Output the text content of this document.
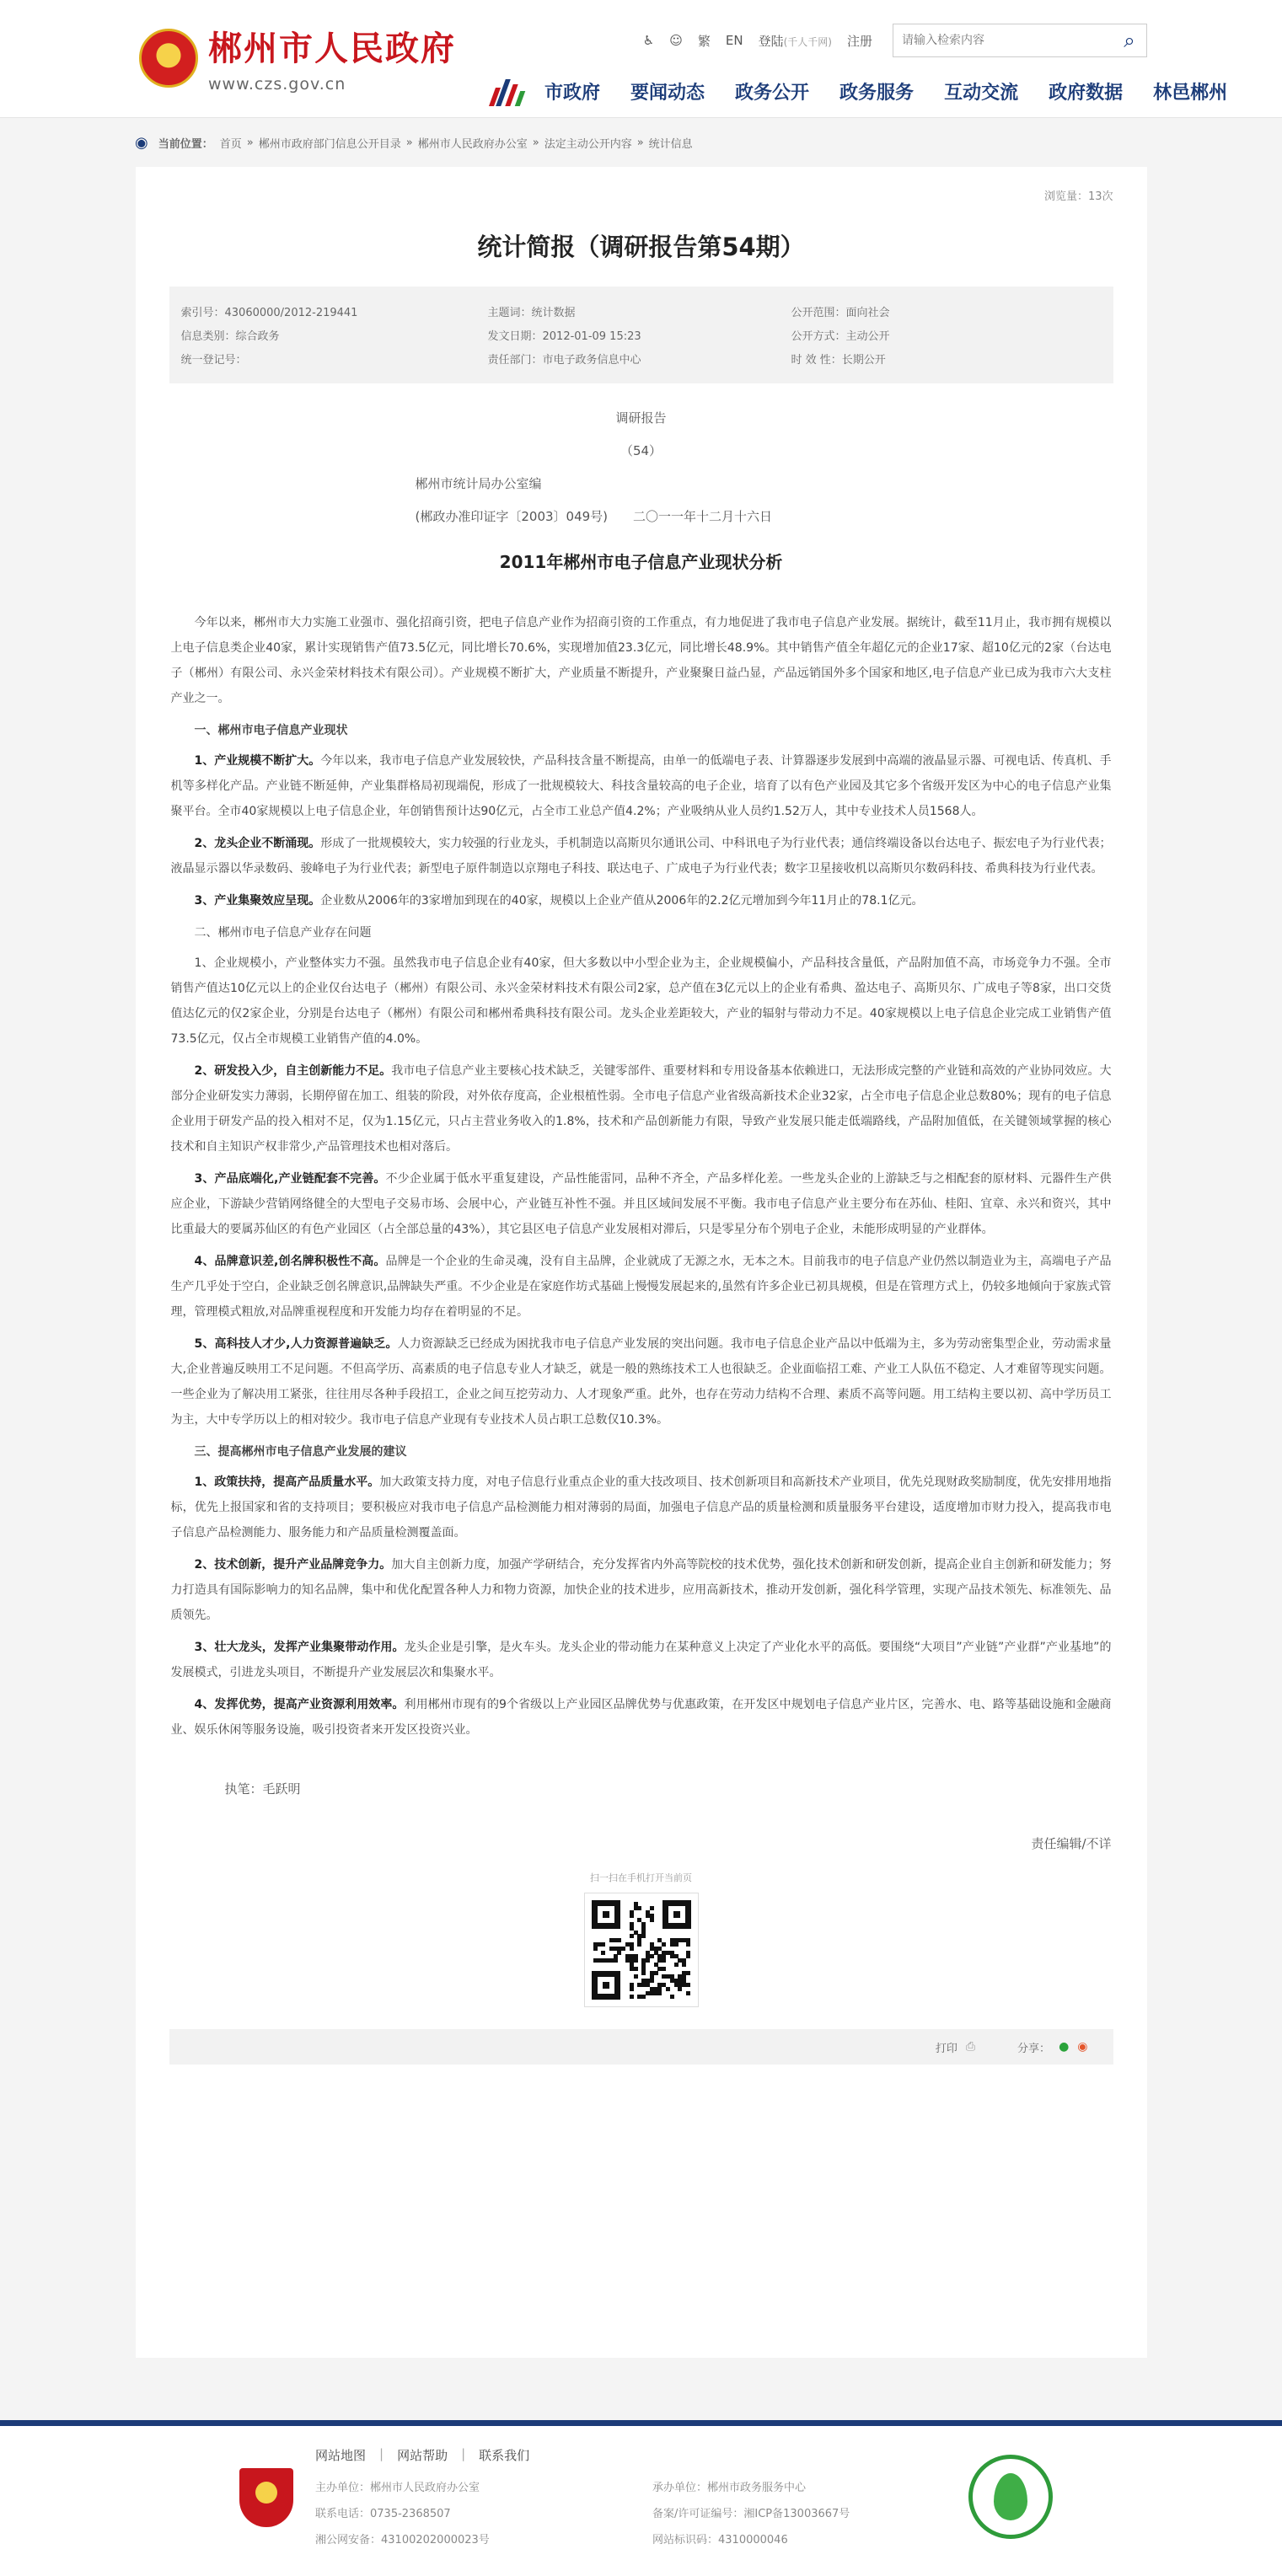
郴州市人民政府
www.czs.gov.cn
♿ ☺ 繁 EN 登陆(千人千网) 注册
请输入检索内容	⌕
市政府 要闻动态 政务公开 政务服务 互动交流 政府数据 林邑郴州
◉ 当前位置： 首页 » 郴州市政府部门信息公开目录 » 郴州市人民政府办公室 » 法定主动公开内容 » 统计信息
浏览量：13次
统计简报（调研报告第54期）
索引号：43060000/2012-219441	主题词：统计数据	公开范围：面向社会
信息类别：综合政务	发文日期：2012-01-09 15:23	公开方式：主动公开
统一登记号：	责任部门：市电子政务信息中心	时 效 性：长期公开
调研报告
（54）
郴州市统计局办公室编
(郴政办准印证字〔2003〕049号)　　二〇一一年十二月十六日
2011年郴州市电子信息产业现状分析

今年以来，郴州市大力实施工业强市、强化招商引资，把电子信息产业作为招商引资的工作重点，有力地促进了我市电子信息产业发展。据统计，截至11月止，我市拥有规模以上电子信息类企业40家，累计实现销售产值73.5亿元，同比增长70.6%，实现增加值23.3亿元，同比增长48.9%。其中销售产值全年超亿元的企业17家、超10亿元的2家（台达电子（郴州）有限公司、永兴金荣材料技术有限公司）。产业规模不断扩大，产业质量不断提升，产业聚聚日益凸显，产品远销国外多个国家和地区,电子信息产业已成为我市六大支柱产业之一。

一、郴州市电子信息产业现状

1、产业规模不断扩大。今年以来，我市电子信息产业发展较快，产品科技含量不断提高，由单一的低端电子表、计算器逐步发展到中高端的液晶显示器、可视电话、传真机、手机等多样化产品。产业链不断延伸，产业集群格局初现端倪，形成了一批规模较大、科技含量较高的电子企业，培育了以有色产业园及其它多个省级开发区为中心的电子信息产业集聚平台。全市40家规模以上电子信息企业，年创销售预计达90亿元，占全市工业总产值4.2%；产业吸纳从业人员约1.52万人，其中专业技术人员1568人。

2、龙头企业不断涌现。形成了一批规模较大，实力较强的行业龙头，手机制造以高斯贝尔通讯公司、中科讯电子为行业代表；通信终端设备以台达电子、振宏电子为行业代表；液晶显示器以华录数码、骏峰电子为行业代表；新型电子原件制造以京翔电子科技、联达电子、广成电子为行业代表；数字卫星接收机以高斯贝尔数码科技、希典科技为行业代表。

3、产业集聚效应呈现。企业数从2006年的3家增加到现在的40家，规模以上企业产值从2006年的2.2亿元增加到今年11月止的78.1亿元。

二、郴州市电子信息产业存在问题

1、企业规模小，产业整体实力不强。虽然我市电子信息企业有40家，但大多数以中小型企业为主，企业规模偏小，产品科技含量低，产品附加值不高，市场竞争力不强。全市销售产值达10亿元以上的企业仅台达电子（郴州）有限公司、永兴金荣材料技术有限公司2家，总产值在3亿元以上的企业有希典、盈达电子、高斯贝尔、广成电子等8家，出口交货值达亿元的仅2家企业，分别是台达电子（郴州）有限公司和郴州希典科技有限公司。龙头企业差距较大，产业的辐射与带动力不足。40家规模以上电子信息企业完成工业销售产值73.5亿元，仅占全市规模工业销售产值的4.0%。

2、研发投入少，自主创新能力不足。我市电子信息产业主要核心技术缺乏，关键零部件、重要材料和专用设备基本依赖进口，无法形成完整的产业链和高效的产业协同效应。大部分企业研发实力薄弱，长期停留在加工、组装的阶段，对外依存度高，企业根植性弱。全市电子信息产业省级高新技术企业32家，占全市电子信息企业总数80%；现有的电子信息企业用于研发产品的投入相对不足，仅为1.15亿元，只占主营业务收入的1.8%，技术和产品创新能力有限，导致产业发展只能走低端路线，产品附加值低，在关键领域掌握的核心技术和自主知识产权非常少,产品管理技术也相对落后。

3、产品底端化,产业链配套不完善。不少企业属于低水平重复建设，产品性能雷同，品种不齐全，产品多样化差。一些龙头企业的上游缺乏与之相配套的原材料、元器件生产供应企业，下游缺少营销网络健全的大型电子交易市场、会展中心，产业链互补性不强。并且区域间发展不平衡。我市电子信息产业主要分布在苏仙、桂阳、宜章、永兴和资兴，其中比重最大的要属苏仙区的有色产业园区（占全部总量的43%），其它县区电子信息产业发展相对滞后，只是零星分布个别电子企业，未能形成明显的产业群体。

4、品牌意识差,创名牌积极性不高。品牌是一个企业的生命灵魂，没有自主品牌，企业就成了无源之水，无本之木。目前我市的电子信息产业仍然以制造业为主，高端电子产品生产几乎处于空白，企业缺乏创名牌意识,品牌缺失严重。不少企业是在家庭作坊式基础上慢慢发展起来的,虽然有许多企业已初具规模，但是在管理方式上，仍较多地倾向于家族式管理，管理模式粗放,对品牌重视程度和开发能力均存在着明显的不足。

5、高科技人才少,人力资源普遍缺乏。人力资源缺乏已经成为困扰我市电子信息产业发展的突出问题。我市电子信息企业产品以中低端为主，多为劳动密集型企业，劳动需求量大,企业普遍反映用工不足问题。不但高学历、高素质的电子信息专业人才缺乏，就是一般的熟练技术工人也很缺乏。企业面临招工难、产业工人队伍不稳定、人才难留等现实问题。一些企业为了解决用工紧张，往往用尽各种手段招工，企业之间互挖劳动力、人才现象严重。此外，也存在劳动力结构不合理、素质不高等问题。用工结构主要以初、高中学历员工为主，大中专学历以上的相对较少。我市电子信息产业现有专业技术人员占职工总数仅10.3%。

三、提高郴州市电子信息产业发展的建议

1、政策扶持，提高产品质量水平。加大政策支持力度，对电子信息行业重点企业的重大技改项目、技术创新项目和高新技术产业项目，优先兑现财政奖励制度，优先安排用地指标，优先上报国家和省的支持项目；要积极应对我市电子信息产品检测能力相对薄弱的局面，加强电子信息产品的质量检测和质量服务平台建设，适度增加市财力投入，提高我市电子信息产品检测能力、服务能力和产品质量检测覆盖面。

2、技术创新，提升产业品牌竞争力。加大自主创新力度，加强产学研结合，充分发挥省内外高等院校的技术优势，强化技术创新和研发创新，提高企业自主创新和研发能力；努力打造具有国际影响力的知名品牌，集中和优化配置各种人力和物力资源，加快企业的技术进步，应用高新技术，推动开发创新，强化科学管理，实现产品技术领先、标准领先、品质领先。

3、壮大龙头，发挥产业集聚带动作用。龙头企业是引擎，是火车头。龙头企业的带动能力在某种意义上决定了产业化水平的高低。要围绕“大项目”产业链”产业群”产业基地”的发展模式，引进龙头项目，不断提升产业发展层次和集聚水平。

4、发挥优势，提高产业资源利用效率。利用郴州市现有的9个省级以上产业园区品牌优势与优惠政策，在开发区中规划电子信息产业片区，完善水、电、路等基础设施和金融商业、娱乐休闲等服务设施，吸引投资者来开发区投资兴业。

执笔：毛跃明
责任编辑/不详
扫一扫在手机打开当前页
打印 ⎙	分享： ● ◉
网站地图 | 网站帮助 | 联系我们
主办单位：郴州市人民政府办公室	承办单位：郴州市政务服务中心
联系电话：0735-2368507	备案/许可证编号：湘ICP备13003667号
湘公网安备：43100202000023号	网站标识码：4310000046
